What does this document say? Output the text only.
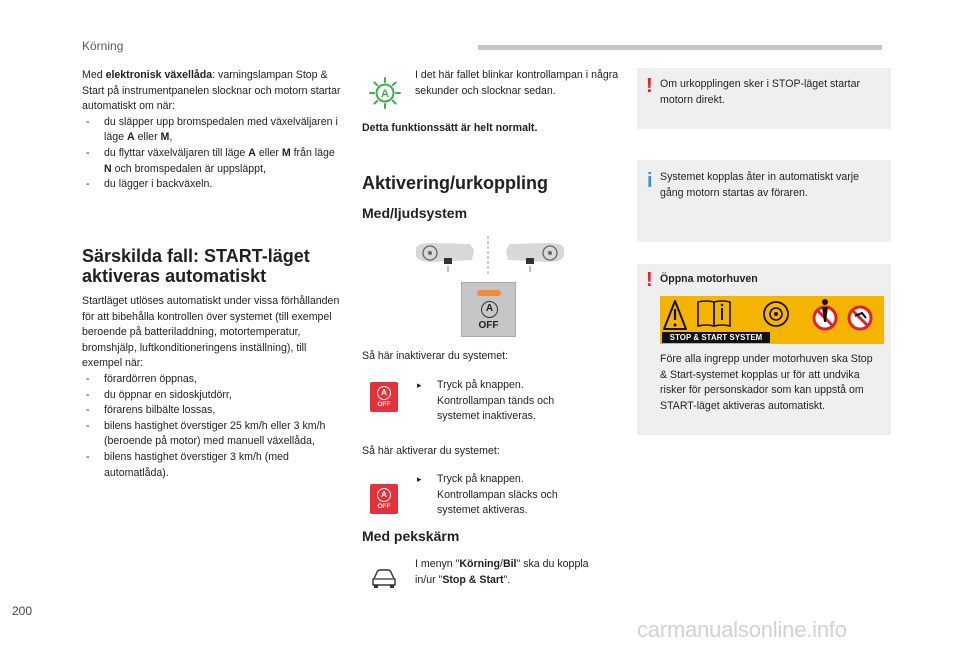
Körning

Med elektronisk växellåda: varningslampan Stop & Start på instrumentpanelen slocknar och motorn startar automatiskt om när:

- du släpper upp bromspedalen med växelväljaren i läge A eller M,
- du flyttar växelväljaren till läge A eller M från läge N och bromspedalen är uppsläppt,
- du lägger i backväxeln.
Särskilda fall: START-läget aktiveras automatiskt

Startläget utlöses automatiskt under vissa förhållanden för att bibehålla kontrollen över systemet (till exempel beroende på batteriladdning, motortemperatur, bromshjälp, luftkonditioneringens inställning), till exempel när:

- förardörren öppnas,
- du öppnar en sidoskjutdörr,
- förarens bilbälte lossas,
- bilens hastighet överstiger 25 km/h eller 3 km/h (beroende på motor) med manuell växellåda,
- bilens hastighet överstiger 3 km/h (med automatlåda).
A

I det här fallet blinkar kontrollampan i några sekunder och slocknar sedan.

Detta funktionssätt är helt normalt.

Aktivering/urkoppling
Med/ljudsystem
A
OFF

Så här inaktiverar du systemet:

A
OFF
▸	Tryck på knappen. Kontrollampan tänds och systemet inaktiveras.

Så här aktiverar du systemet:

A
OFF
▸	Tryck på knappen. Kontrollampan släcks och systemet aktiveras.

Med pekskärm

I menyn "Körning/Bil" ska du koppla in/ur "Stop & Start".

! Om urkopplingen sker i STOP-läget startar motorn direkt.

i Systemet kopplas åter in automatiskt varje gång motorn startas av föraren.

! Öppna motorhuven

STOP & START SYSTEM

Före alla ingrepp under motorhuven ska Stop & Start-systemet kopplas ur för att undvika risker för personskador som kan uppstå om START-läget aktiveras automatiskt.

200
carmanualsonline.info
